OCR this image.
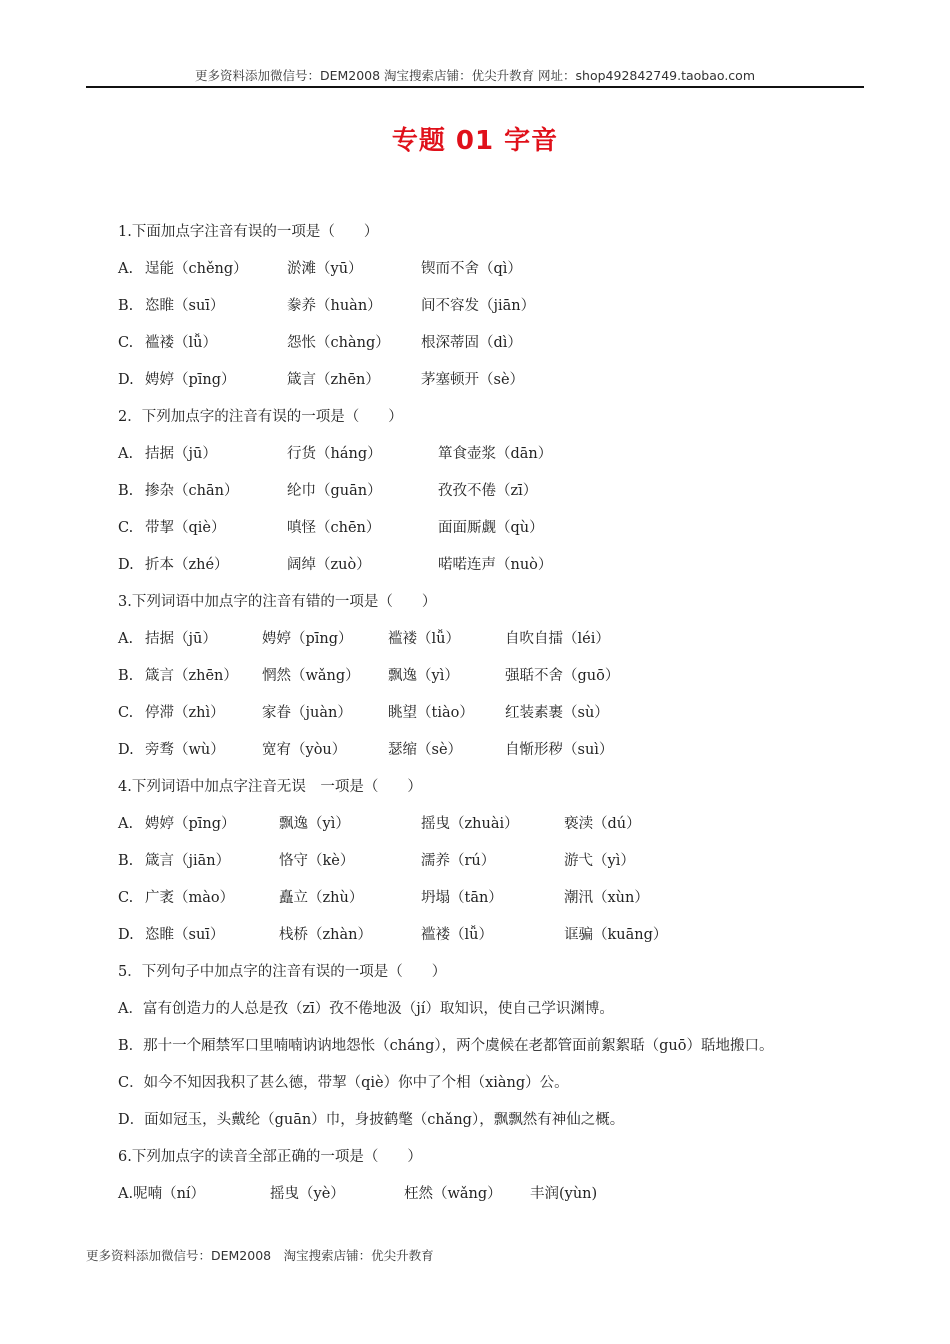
更多资料添加微信号：DEM2008 淘宝搜索店铺：优尖升教育 网址：shop492842749.taobao.com
专题 01 字音
1.下面加点字注音有误的一项是（　　）
A. 逞能（chěng）	淤滩（yū）	锲而不舍（qì）
B. 恣睢（suī）	豢养（huàn）	间不容发（jiān）
C. 褴褛（lǚ）	怨怅（chàng） 根深蒂固（dì）
D. 娉婷（pīng）	箴言（zhēn）	茅塞顿开（sè）
2．下列加点字的注音有误的一项是（　　）
A. 拮据（jū）	行货（háng）	箪食壶浆（dān）
B. 掺杂（chān）	纶巾（guān）	孜孜不倦（zī）
C. 带挈（qiè）	嗔怪（chēn）	面面厮觑（qù）
D. 折本（zhé）	阔绰（zuò）	喏喏连声（nuò）
3.下列词语中加点字的注音有错的一项是（　　）
A. 拮据（jū）	娉婷（pīng） 褴褛（lǚ）	自吹自擂（léi）
B. 箴言（zhēn） 惘然（wǎng） 飘逸（yì）	强聒不舍（guō）
C. 停滞（zhì）	家眷（juàn） 眺望（tiào） 红装素裹（sù）
D. 旁骛（wù）	宽宥（yòu）	瑟缩（sè）	自惭形秽（suì）
4.下列词语中加点字注音无误　一项是（　　）
A. 娉婷（pīng）	飘逸（yì）	摇曳（zhuài）	亵渎（dú）
B. 箴言（jiān）	恪守（kè）	濡养（rú）	游弋（yì）
C. 广袤（mào）	矗立（zhù）	坍塌（tān）	潮汛（xùn）
D. 恣睢（suī）	栈桥（zhàn）	褴褛（lǚ）	诓骗（kuāng）
5．下列句子中加点字的注音有误的一项是（　　）
A．富有创造力的人总是孜（zī）孜不倦地汲（jí）取知识，使自己学识渊博。
B．那十一个厢禁军口里喃喃讷讷地怨怅（cháng），两个虞候在老都管面前絮絮聒（guō）聒地搬口。
C．如今不知因我积了甚么德，带挈（qiè）你中了个相（xiàng）公。
D．面如冠玉，头戴纶（guān）巾，身披鹤氅（chǎng），飘飘然有神仙之概。
6.下列加点字的读音全部正确的一项是（　　）
A.呢喃（ní）	摇曳（yè）	枉然（wǎng） 丰润(yùn)
更多资料添加微信号：DEM2008　淘宝搜索店铺：优尖升教育
